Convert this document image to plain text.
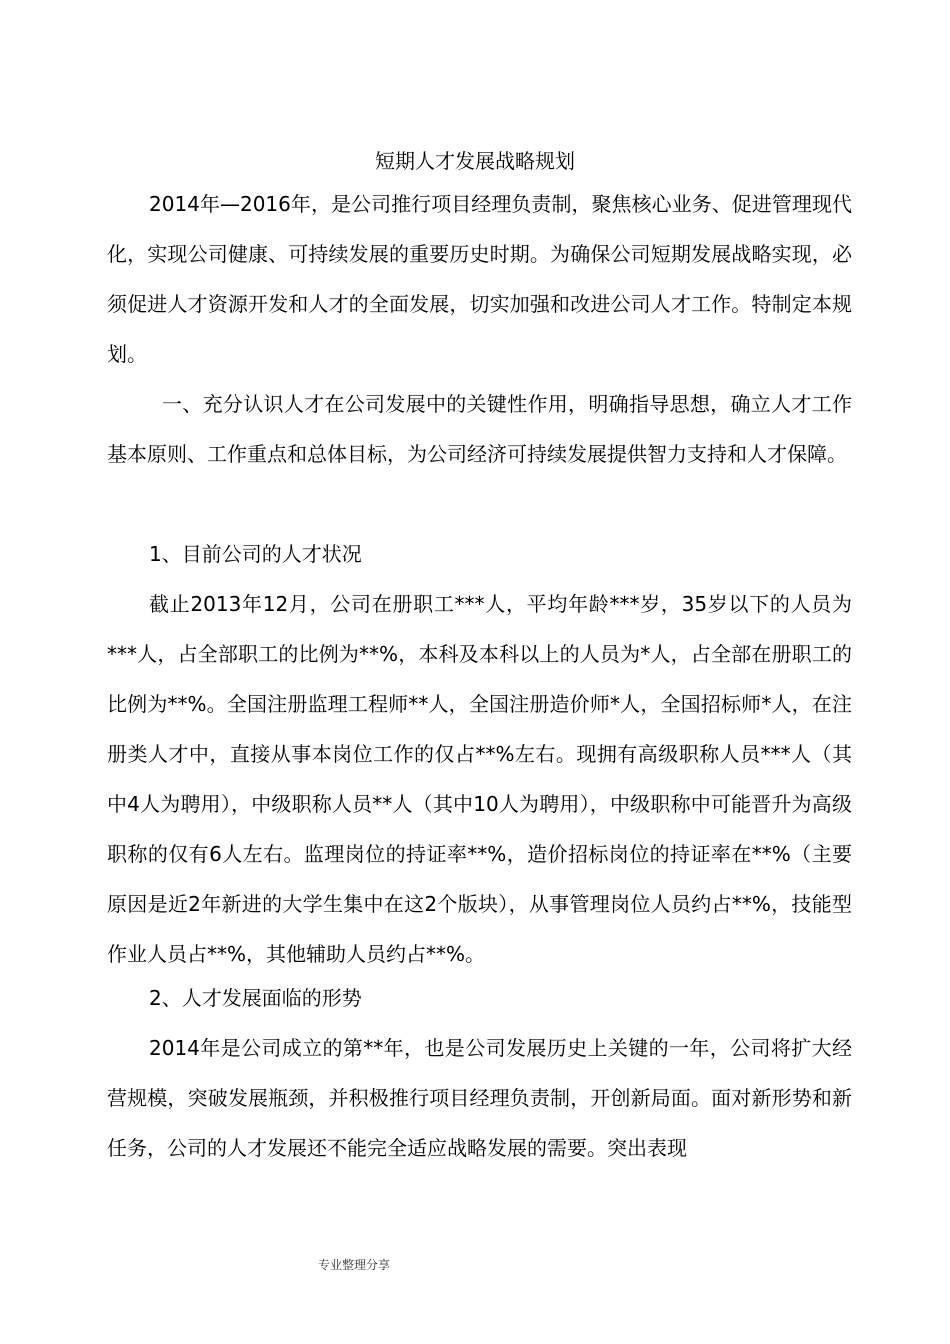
短期人才发展战略规划

2014年—2016年，是公司推行项目经理负责制，聚焦核心业务、促进管理现代化，实现公司健康、可持续发展的重要历史时期。为确保公司短期发展战略实现，必须促进人才资源开发和人才的全面发展，切实加强和改进公司人才工作。特制定本规划。

一、充分认识人才在公司发展中的关键性作用，明确指导思想，确立人才工作基本原则、工作重点和总体目标，为公司经济可持续发展提供智力支持和人才保障。

1、目前公司的人才状况

截止2013年12月，公司在册职工***人，平均年龄***岁，35岁以下的人员为***人，占全部职工的比例为**%，本科及本科以上的人员为*人，占全部在册职工的比例为**%。全国注册监理工程师**人，全国注册造价师*人，全国招标师*人，在注册类人才中，直接从事本岗位工作的仅占**%左右。现拥有高级职称人员***人（其中4人为聘用），中级职称人员**人（其中10人为聘用），中级职称中可能晋升为高级职称的仅有6人左右。监理岗位的持证率**%，造价招标岗位的持证率在**%（主要原因是近2年新进的大学生集中在这2个版块），从事管理岗位人员约占**%，技能型作业人员占**%，其他辅助人员约占**%。

2、人才发展面临的形势

2014年是公司成立的第**年，也是公司发展历史上关键的一年，公司将扩大经营规模，突破发展瓶颈，并积极推行项目经理负责制，开创新局面。面对新形势和新任务，公司的人才发展还不能完全适应战略发展的需要。突出表现

专业整理分享
